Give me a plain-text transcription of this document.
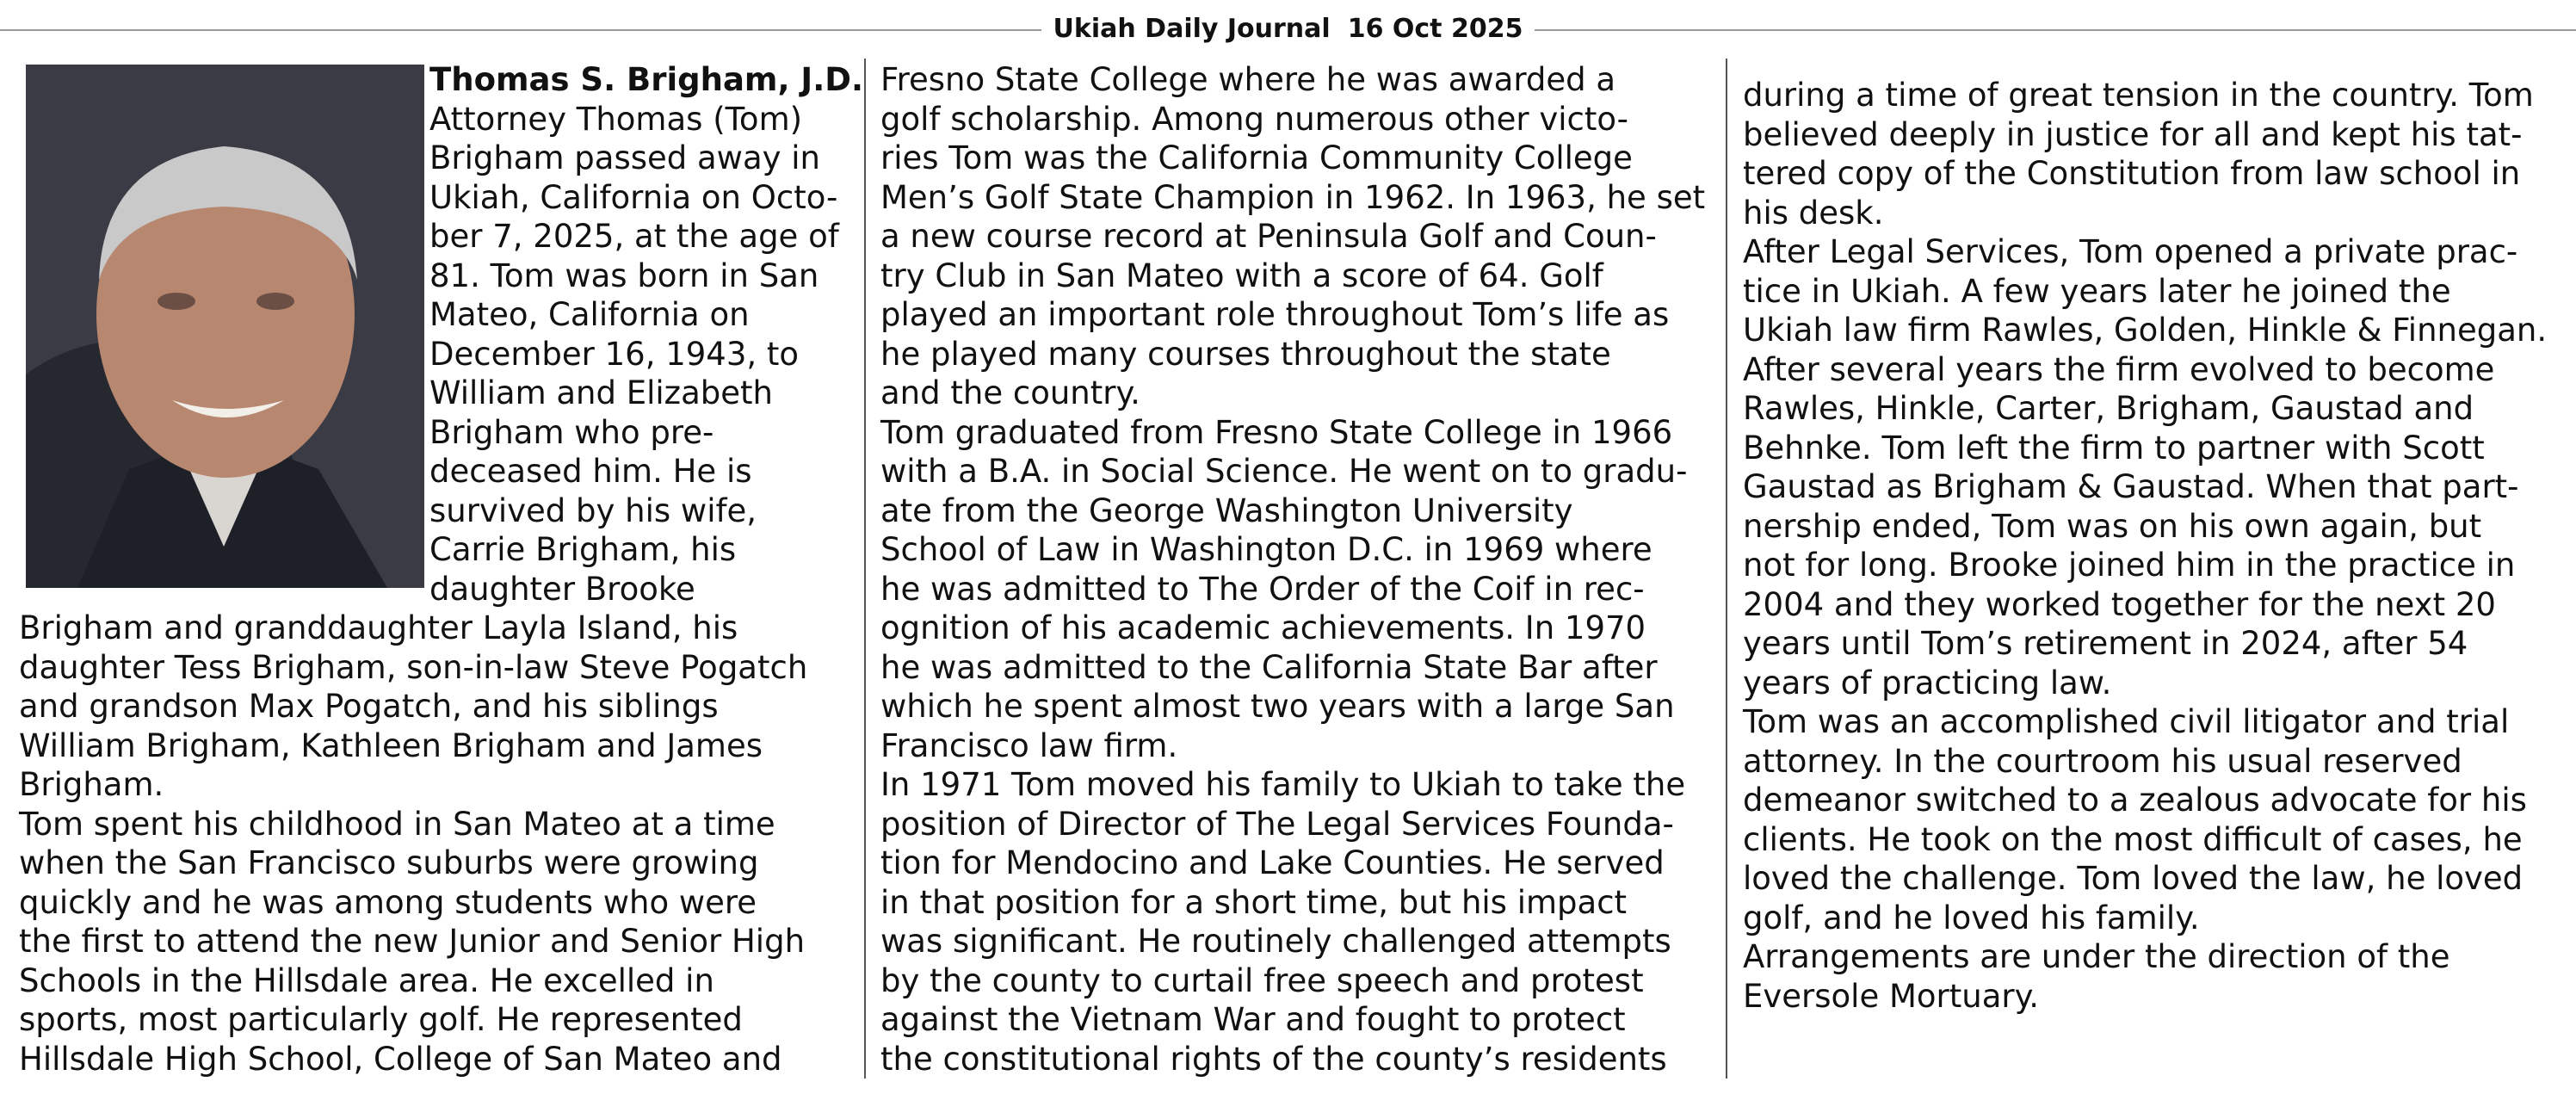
Ukiah Daily Journal 16 Oct 2025

Thomas S. Brigham, J.D.

Attorney Thomas (Tom)

Brigham passed away in

Ukiah, California on Octo-

ber 7, 2025, at the age of

81. Tom was born in San

Mateo, California on

December 16, 1943, to

William and Elizabeth

Brigham who pre-

deceased him. He is

survived by his wife,

Carrie Brigham, his

daughter Brooke

Brigham and granddaughter Layla Island, his

daughter Tess Brigham, son-in-law Steve Pogatch

and grandson Max Pogatch, and his siblings

William Brigham, Kathleen Brigham and James

Brigham.

Tom spent his childhood in San Mateo at a time

when the San Francisco suburbs were growing

quickly and he was among students who were

the first to attend the new Junior and Senior High

Schools in the Hillsdale area. He excelled in

sports, most particularly golf. He represented

Hillsdale High School, College of San Mateo and

Fresno State College where he was awarded a

golf scholarship. Among numerous other victo-

ries Tom was the California Community College

Men’s Golf State Champion in 1962. In 1963, he set

a new course record at Peninsula Golf and Coun-

try Club in San Mateo with a score of 64. Golf

played an important role throughout Tom’s life as

he played many courses throughout the state

and the country.

Tom graduated from Fresno State College in 1966

with a B.A. in Social Science. He went on to gradu-

ate from the George Washington University

School of Law in Washington D.C. in 1969 where

he was admitted to The Order of the Coif in rec-

ognition of his academic achievements. In 1970

he was admitted to the California State Bar after

which he spent almost two years with a large San

Francisco law firm.

In 1971 Tom moved his family to Ukiah to take the

position of Director of The Legal Services Founda-

tion for Mendocino and Lake Counties. He served

in that position for a short time, but his impact

was significant. He routinely challenged attempts

by the county to curtail free speech and protest

against the Vietnam War and fought to protect

the constitutional rights of the county’s residents

during a time of great tension in the country. Tom

believed deeply in justice for all and kept his tat-

tered copy of the Constitution from law school in

his desk.

After Legal Services, Tom opened a private prac-

tice in Ukiah. A few years later he joined the

Ukiah law firm Rawles, Golden, Hinkle & Finnegan.

After several years the firm evolved to become

Rawles, Hinkle, Carter, Brigham, Gaustad and

Behnke. Tom left the firm to partner with Scott

Gaustad as Brigham & Gaustad. When that part-

nership ended, Tom was on his own again, but

not for long. Brooke joined him in the practice in

2004 and they worked together for the next 20

years until Tom’s retirement in 2024, after 54

years of practicing law.

Tom was an accomplished civil litigator and trial

attorney. In the courtroom his usual reserved

demeanor switched to a zealous advocate for his

clients. He took on the most difficult of cases, he

loved the challenge. Tom loved the law, he loved

golf, and he loved his family.

Arrangements are under the direction of the

Eversole Mortuary.
